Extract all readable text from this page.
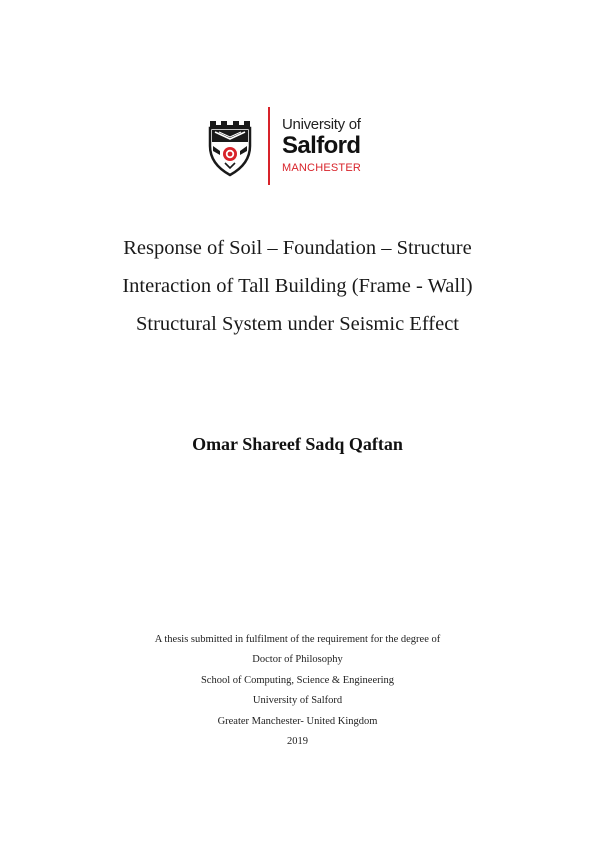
University of
Salford
MANCHESTER
Response of Soil – Foundation – Structure
Interaction of Tall Building (Frame - Wall)
Structural System under Seismic Effect
Omar Shareef Sadq Qaftan
A thesis submitted in fulfilment of the requirement for the degree of
Doctor of Philosophy
School of Computing, Science & Engineering
University of Salford
Greater Manchester- United Kingdom
2019
